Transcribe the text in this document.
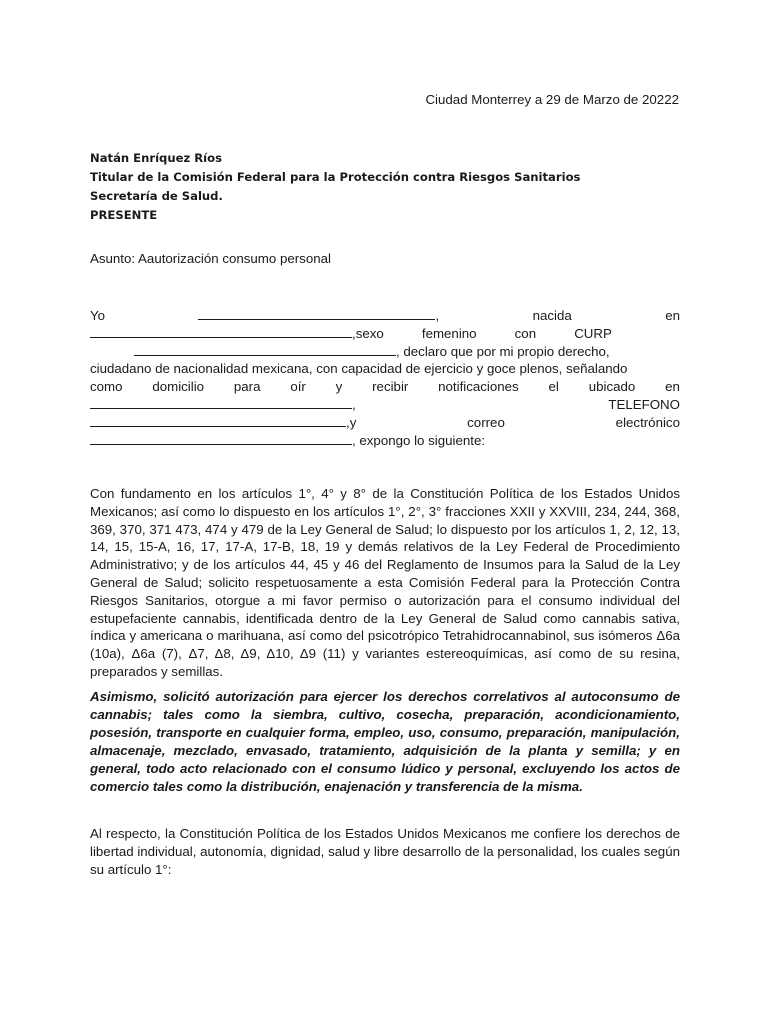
Ciudad Monterrey a 29 de Marzo de 20222
Natán Enríquez Ríos
Titular de la Comisión Federal para la Protección contra Riesgos Sanitarios
Secretaría de Salud.
PRESENTE
Asunto: Aautorización consumo personal
Yo	,	nacida	en
,sexo	femenino	con	CURP
, declaro que por mi propio derecho,
ciudadano de nacionalidad mexicana, con capacidad de ejercicio y goce plenos, señalando
como domicilio para oír y recibir notificaciones el ubicado en
,	TELEFONO
,y	correo	electrónico
, expongo lo siguiente:
Con fundamento en los artículos 1°, 4° y 8° de la Constitución Política de los Estados Unidos Mexicanos; así como lo dispuesto en los artículos 1°, 2°, 3° fracciones XXII y XXVIII, 234, 244, 368, 369, 370, 371 473, 474 y 479 de la Ley General de Salud; lo dispuesto por los artículos 1, 2, 12, 13, 14, 15, 15-A, 16, 17, 17-A, 17-B, 18, 19 y demás relativos de la Ley Federal de Procedimiento Administrativo; y de los artículos 44, 45 y 46 del Reglamento de Insumos para la Salud de la Ley General de Salud; solicito respetuosamente a esta Comisión Federal para la Protección Contra Riesgos Sanitarios, otorgue a mi favor permiso o autorización para el consumo individual del estupefaciente cannabis, identificada dentro de la Ley General de Salud como cannabis sativa, índica y americana o marihuana, así como del psicotrópico Tetrahidrocannabinol, sus isómeros Δ6a (10a), Δ6a (7), Δ7, Δ8, Δ9, Δ10, Δ9 (11) y variantes estereoquímicas, así como de su resina, preparados y semillas.
Asimismo, solicitó autorización para ejercer los derechos correlativos al autoconsumo de cannabis; tales como la siembra, cultivo, cosecha, preparación, acondicionamiento, posesión, transporte en cualquier forma, empleo, uso, consumo, preparación, manipulación, almacenaje, mezclado, envasado, tratamiento, adquisición de la planta y semilla; y en general, todo acto relacionado con el consumo lúdico y personal, excluyendo los actos de comercio tales como la distribución, enajenación y transferencia de la misma.
Al respecto, la Constitución Política de los Estados Unidos Mexicanos me confiere los derechos de libertad individual, autonomía, dignidad, salud y libre desarrollo de la personalidad, los cuales según su artículo 1°:
